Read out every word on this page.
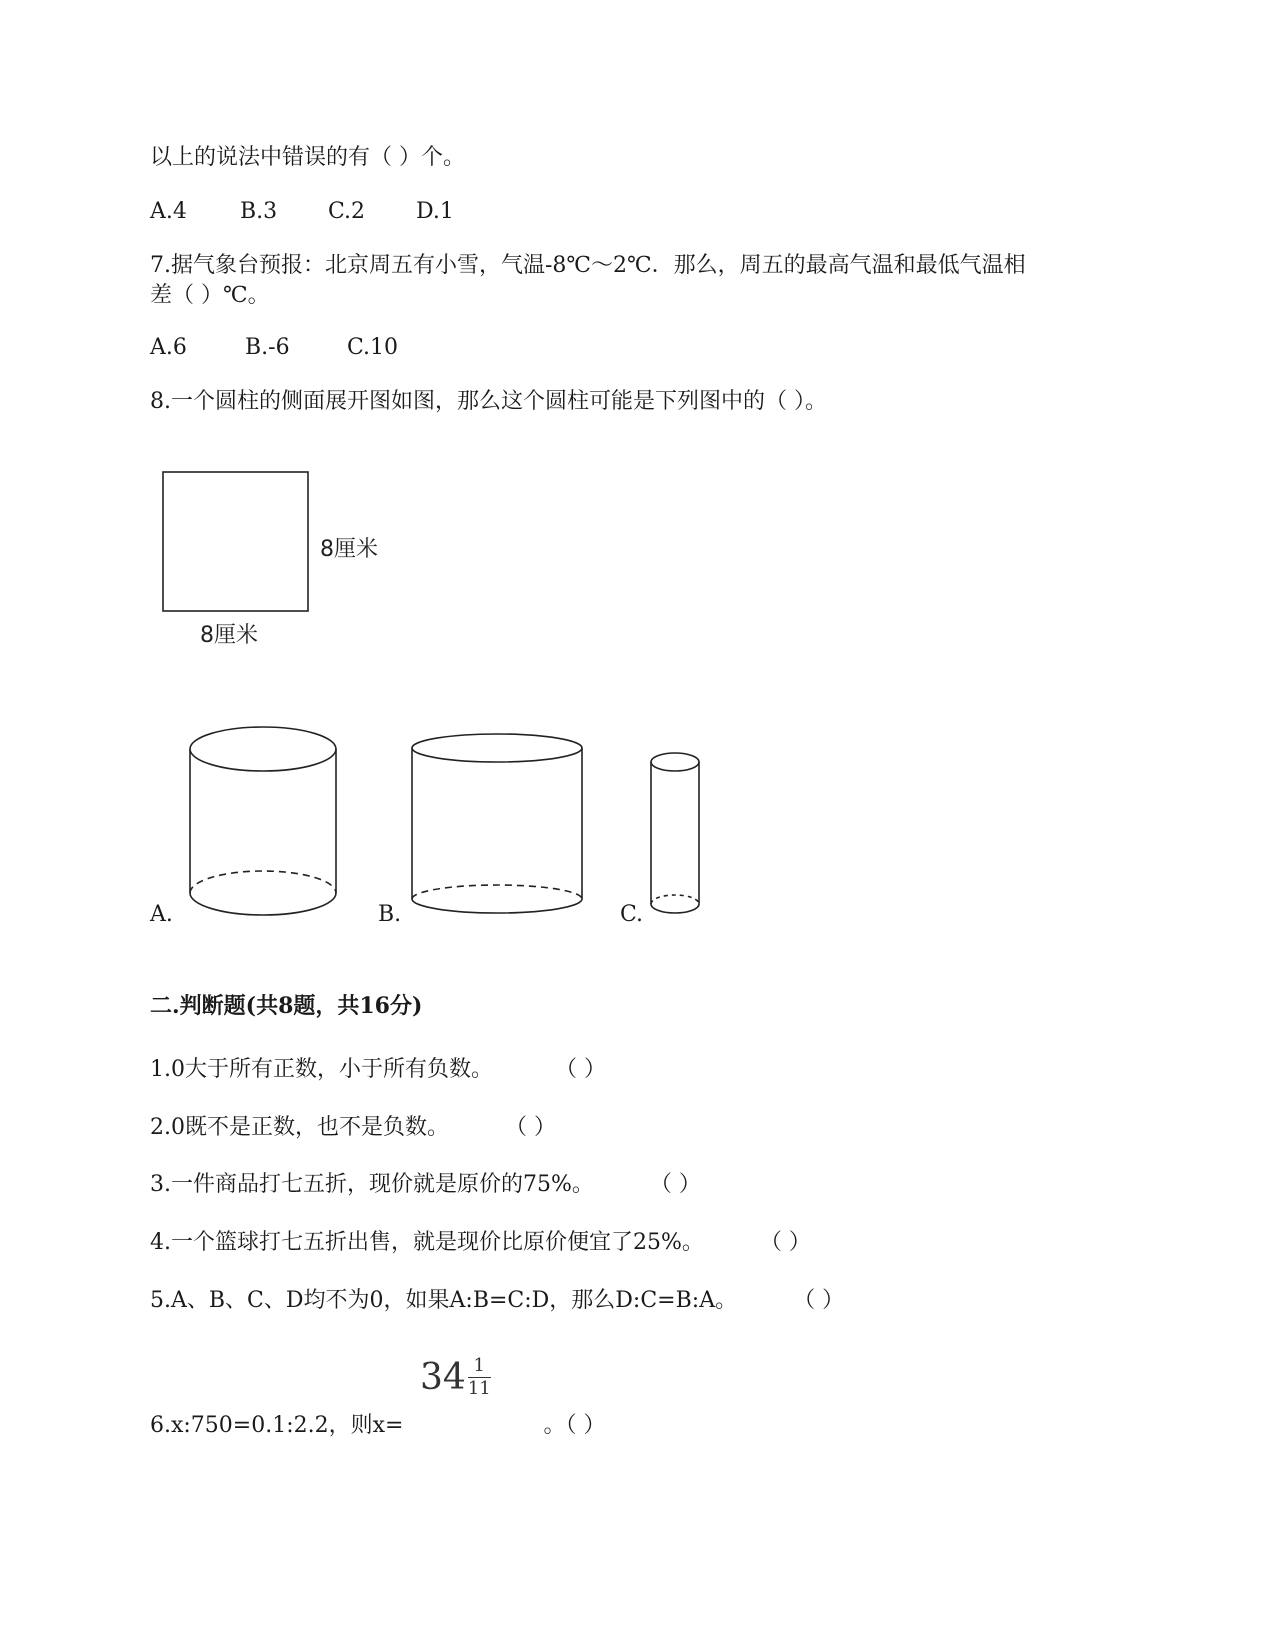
以上的说法中错误的有（ ）个。
A.4 B.3 C.2 D.1
7.据气象台预报：北京周五有小雪，气温-8℃～2℃．那么，周五的最高气温和最低气温相
差（ ）℃。
A.6	B.-6	C.10
8.一个圆柱的侧面展开图如图，那么这个圆柱可能是下列图中的（ ）。
8厘米
8厘米
A.	B.	C.
二.判断题(共8题，共16分)
1.0大于所有正数，小于所有负数。	（ ）
2.0既不是正数，也不是负数。	（ ）
3.一件商品打七五折，现价就是原价的75%。	（ ）
4.一个篮球打七五折出售，就是现价比原价便宜了25%。	（ ）
5.A、B、C、D均不为0，如果A:B=C:D，那么D:C=B:A。	（ ）
$34 \frac{1}{11}$
6.x:750=0.1:2.2，则x=	。（ ）
